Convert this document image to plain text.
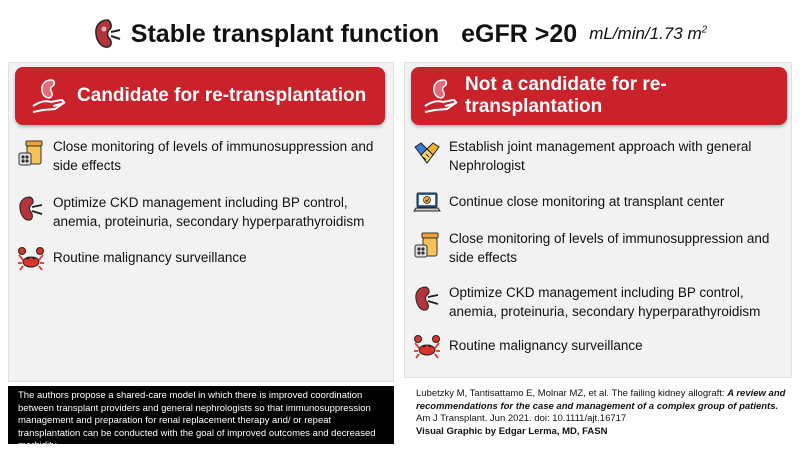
Stable transplant function eGFR >20 mL/min/1.73 $m^2$
Candidate for re-transplantation
Close monitoring of levels of immunosuppression and side effects
Optimize CKD management including BP control, anemia, proteinuria, secondary hyperparathyroidism
Routine malignancy surveillance
Not a candidate for re-transplantation
Establish joint management approach with general Nephrologist
Continue close monitoring at transplant center
Close monitoring of levels of immunosuppression and side effects
Optimize CKD management including BP control, anemia, proteinuria, secondary hyperparathyroidism
Routine malignancy surveillance
The authors propose a shared-care model in which there is improved coordination between transplant providers and general nephrologists so that immunosuppression management and preparation for renal replacement therapy and/ or repeat transplantation can be conducted with the goal of improved outcomes and decreased morbidity.
Lubetzky M, Tantisattamo E, Molnar MZ, et al. The failing kidney allograft: A review and recommendations for the case and management of a complex group of patients.
Am J Transplant. Jun 2021. doi: 10.1111/ajt.16717
Visual Graphic by Edgar Lerma, MD, FASN
